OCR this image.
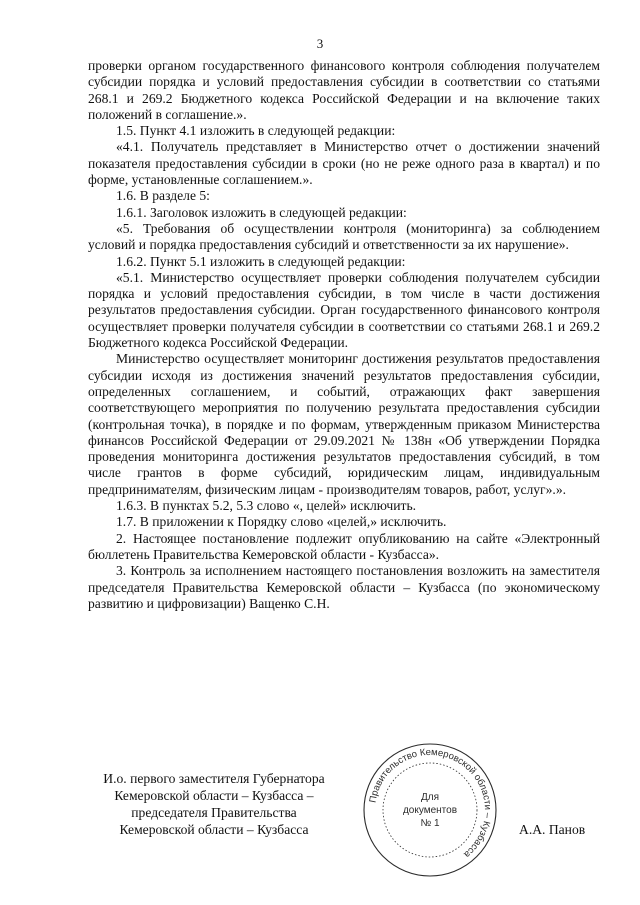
3

проверки органом государственного финансового контроля соблюдения получателем субсидии порядка и условий предоставления субсидии в соответствии со статьями 268.1 и 269.2 Бюджетного кодекса Российской Федерации и на включение таких положений в соглашение.».

1.5. Пункт 4.1 изложить в следующей редакции:

«4.1. Получатель представляет в Министерство отчет о достижении значений показателя предоставления субсидии в сроки (но не реже одного раза в квартал) и по форме, установленные соглашением.».

1.6. В разделе 5:

1.6.1. Заголовок изложить в следующей редакции:

«5. Требования об осуществлении контроля (мониторинга) за соблюдением условий и порядка предоставления субсидий и ответственности за их нарушение».

1.6.2. Пункт 5.1 изложить в следующей редакции:

«5.1. Министерство осуществляет проверки соблюдения получателем субсидии порядка и условий предоставления субсидии, в том числе в части достижения результатов предоставления субсидии. Орган государственного финансового контроля осуществляет проверки получателя субсидии в соответствии со статьями 268.1 и 269.2 Бюджетного кодекса Российской Федерации.

Министерство осуществляет мониторинг достижения результатов предоставления субсидии исходя из достижения значений результатов предоставления субсидии, определенных соглашением, и событий, отражающих факт завершения соответствующего мероприятия по получению результата предоставления субсидии (контрольная точка), в порядке и по формам, утвержденным приказом Министерства финансов Российской Федерации от 29.09.2021 № 138н «Об утверждении Порядка проведения мониторинга достижения результатов предоставления субсидий, в том числе грантов в форме субсидий, юридическим лицам, индивидуальным предпринимателям, физическим лицам - производителям товаров, работ, услуг».».

1.6.3. В пунктах 5.2, 5.3 слово «, целей» исключить.

1.7. В приложении к Порядку слово «целей,» исключить.

2. Настоящее постановление подлежит опубликованию на сайте «Электронный бюллетень Правительства Кемеровской области - Кузбасса».

3. Контроль за исполнением настоящего постановления возложить на заместителя председателя Правительства Кемеровской области – Кузбасса (по экономическому развитию и цифровизации) Ващенко С.Н.

И.о. первого заместителя Губернатора
Кемеровской области – Кузбасса –
председателя Правительства
Кемеровской области – Кузбасса
Правительство Кемеровской области – Кузбасса
Для
документов
№ 1	А.А. Панов
